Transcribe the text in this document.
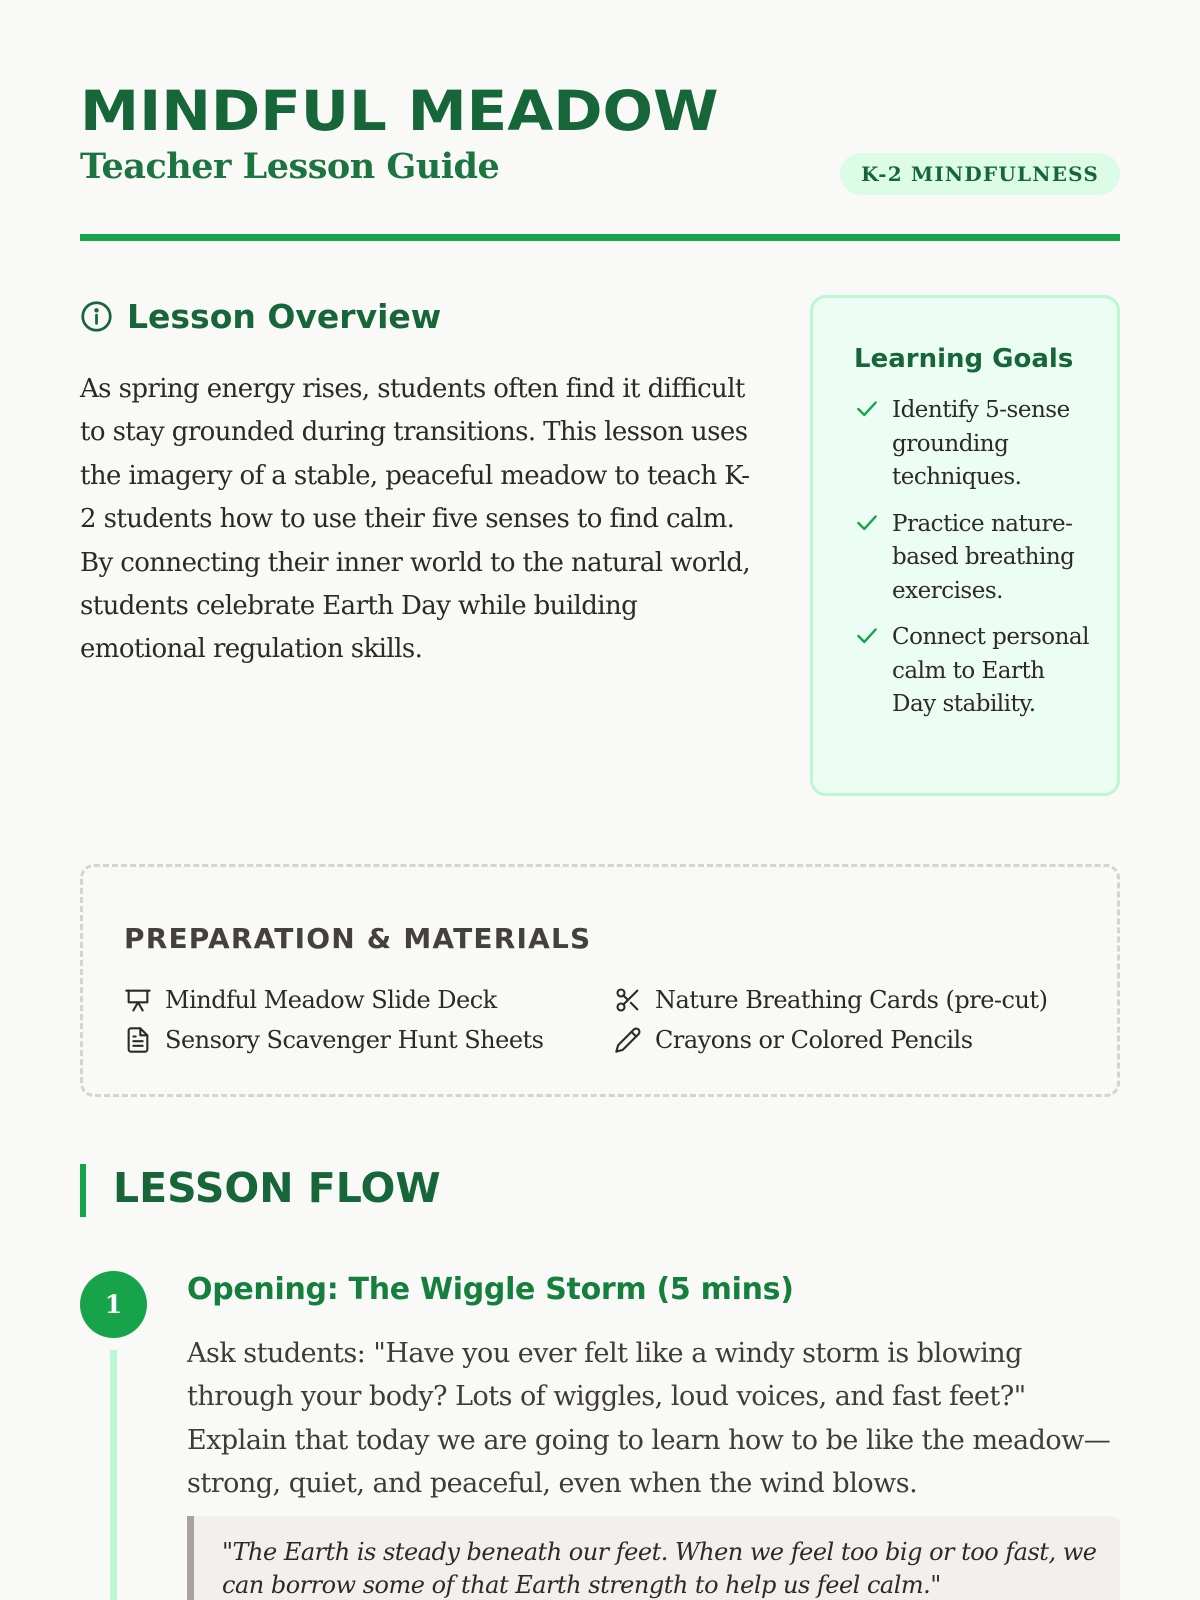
MINDFUL MEADOW
Teacher Lesson Guide	K-2 MINDFULNESS
Lesson Overview

As spring energy rises, students often find it difficult to stay grounded during transitions. This lesson uses the imagery of a stable, peaceful meadow to teach K-2 students how to use their five senses to find calm. By connecting their inner world to the natural world, students celebrate Earth Day while building emotional regulation skills.

Learning Goals
Identify 5-sense grounding techniques.
Practice nature-based breathing exercises.
Connect personal calm to Earth Day stability.
PREPARATION & MATERIALS
Mindful Meadow Slide Deck	Nature Breathing Cards (pre-cut)
Sensory Scavenger Hunt Sheets	Crayons or Colored Pencils
LESSON FLOW
1	Opening: The Wiggle Storm (5 mins)

Ask students: "Have you ever felt like a windy storm is blowing through your body? Lots of wiggles, loud voices, and fast feet?" Explain that today we are going to learn how to be like the meadow—strong, quiet, and peaceful, even when the wind blows.

"The Earth is steady beneath our feet. When we feel too big or too fast, we can borrow some of that Earth strength to help us feel calm."
